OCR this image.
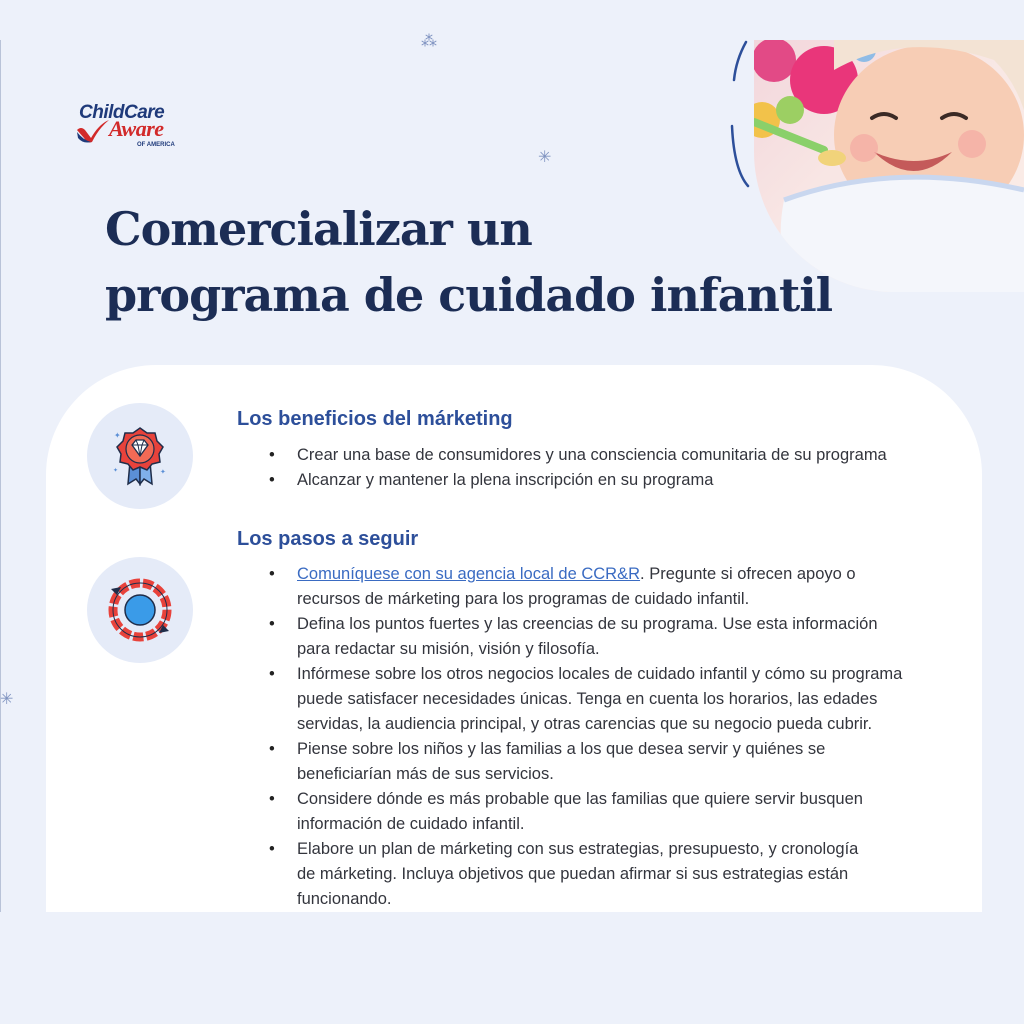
ChildCare
Aware
OF AMERICA
⁂
✳
✳
Comercializar un
programa de cuidado infantil
✦
✦
✦
Los beneficios del márketing
• Crear una base de consumidores y una consciencia comunitaria de su programa
• Alcanzar y mantener la plena inscripción en su programa
Los pasos a seguir
• Comuníquese con su agencia local de CCR&R. Pregunte si ofrecen apoyo o
recursos de márketing para los programas de cuidado infantil.
• Defina los puntos fuertes y las creencias de su programa. Use esta información
para redactar su misión, visión y filosofía.
• Infórmese sobre los otros negocios locales de cuidado infantil y cómo su programa
puede satisfacer necesidades únicas. Tenga en cuenta los horarios, las edades
servidas, la audiencia principal, y otras carencias que su negocio pueda cubrir.
• Piense sobre los niños y las familias a los que desea servir y quiénes se
beneficiarían más de sus servicios.
• Considere dónde es más probable que las familias que quiere servir busquen
información de cuidado infantil.
• Elabore un plan de márketing con sus estrategias, presupuesto, y cronología
de márketing. Incluya objetivos que puedan afirmar si sus estrategias están
funcionando.
